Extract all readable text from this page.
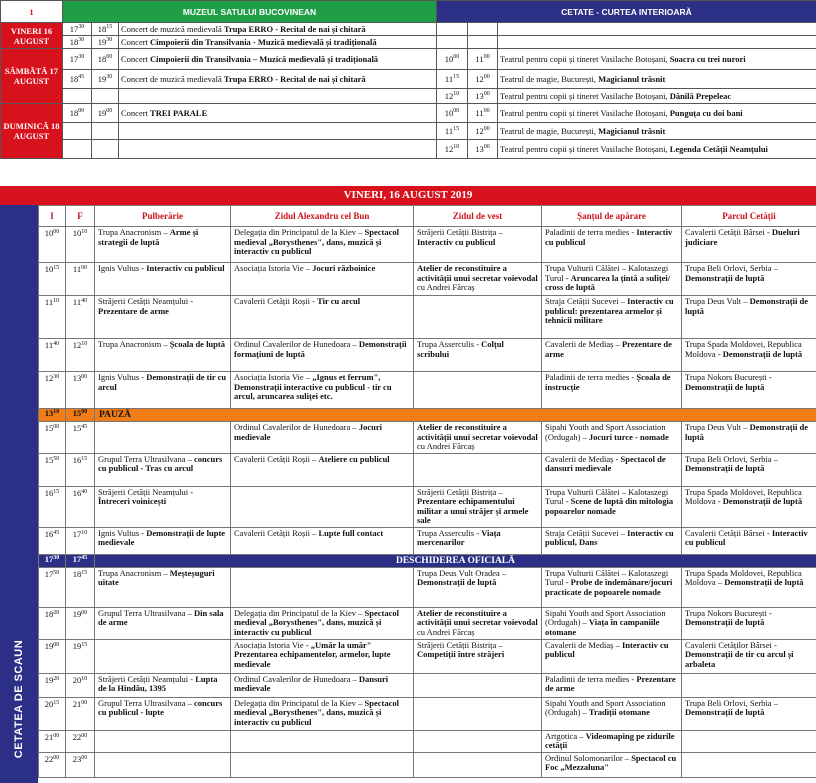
1	MUZEUL SATULUI BUCOVINEAN			CETATE - CURTEA INTERIOARĂ		
VINERI 16 AUGUST	$17^{30}$	$18^{15}$	Concert de muzică medievală Trupa ERRO - Recital de nai și chitară			
	$18^{30}$	$19^{30}$	Concert Cimpoierii din Transilvania - Muzică medievală și tradițională			
SÂMBĂTĂ 17 AUGUST	$17^{30}$	$18^{00}$	Concert Cimpoierii din Transilvania – Muzică medievală și tradițională	$10^{00}$	$11^{00}$	Teatrul pentru copii și tineret Vasilache Botoșani, Soacra cu trei nurori
	$18^{45}$	$19^{30}$	Concert de muzică medievală Trupa ERRO - Recital de nai și chitară	$11^{15}$	$12^{00}$	Teatrul de magie, București, Magicianul trăsnit
				$12^{10}$	$13^{00}$	Teatrul pentru copii și tineret Vasilache Botoșani, Dănilă Prepeleac
DUMINICĂ 18 AUGUST	$18^{00}$	$19^{00}$	Concert TREI PARALE	$10^{00}$	$11^{00}$	Teatrul pentru copii și tineret Vasilache Botoșani, Punguța cu doi bani
				$11^{15}$	$12^{00}$	Teatrul de magie, București, Magicianul trăsnit
				$12^{10}$	$13^{00}$	Teatrul pentru copii și tineret Vasilache Botoșani, Legenda Cetății Neamțului
VINERI, 16 AUGUST 2019
CETATEA DE SCAUN
I	F	Pulberărie	Zidul Alexandru cel Bun	Zidul de vest	Șanțul de apărare	Parcul Cetății
$10^{00}$	$10^{10}$	Trupa Anacronism – Arme și strategii de luptă	Delegația din Principatul de la Kiev – Spectacol medieval „Borysthenes", dans, muzică și interactiv cu publicul	Străjerii Cetății Bistrița – Interactiv cu publicul	Paladinii de terra medies - Interactiv cu publicul	Cavalerii Cetății Bârsei - Dueluri judiciare
$10^{15}$	$11^{00}$	Ignis Vultus - Interactiv cu publicul	Asociația Istoria Vie – Jocuri războinice	Atelier de reconstituire a activității unui secretar voievodal cu Andrei Fărcaș	Trupa Vulturii Călătei – Kalotaszegi Turul - Aruncarea la țintă a suliței/ cross de luptă	Trupa Beli Orlovi, Serbia – Demonstrații de luptă
$11^{10}$	$11^{40}$	Străjerii Cetății Neamțului - Prezentare de arme	Cavalerii Cetății Roșii - Tir cu arcul		Straja Cetății Sucevei – Interactiv cu publicul: prezentarea armelor și tehnicii militare	Trupa Deus Vult – Demonstrații de luptă
$11^{40}$	$12^{10}$	Trupa Anacronism – Școala de luptă	Ordinul Cavalerilor de Hunedoara – Demonstrații formațiuni de luptă	Trupa Asserculis - Colțul scribului	Cavalerii de Mediaș – Prezentare de arme	Trupa Spada Moldovei, Republica Moldova - Demonstrații de luptă
$12^{30}$	$13^{00}$	Ignis Vultus - Demonstrații de tir cu arcul	Asociația Istoria Vie – „Ignus et ferrum", Demonstrații interactive cu publicul - tir cu arcul, aruncarea suliței etc.		Paladinii de terra medies - Școala de instrucție	Trupa Nokors București - Demonstrații de luptă
$13^{10}$	$15^{00}$	PAUZĂ				
$15^{00}$	$15^{45}$		Ordinul Cavalerilor de Hunedoara – Jocuri medievale	Atelier de reconstituire a activității unui secretar voievodal cu Andrei Fărcaș	Sipahi Youth and Sport Association (Ordugah) – Jocuri turce - nomade	Trupa Deus Vult – Demonstrații de luptă
$15^{50}$	$16^{15}$	Grupul Terra Ultrasilvana – concurs cu publicul - Tras cu arcul	Cavalerii Cetății Roșii – Ateliere cu publicul		Cavalerii de Mediaș - Spectacol de dansuri medievale	Trupa Beli Orlovi, Serbia – Demonstrații de luptă
$16^{15}$	$16^{40}$	Străjerii Cetății Neamțului - Întreceri voinicești		Străjerii Cetății Bistrița – Prezentare echipamentului militar a unui străjer și armele sale	Trupa Vulturii Călătei – Kalotaszegi Turul - Scene de luptă din mitologia popoarelor nomade	Trupa Spada Moldovei, Republica Moldova - Demonstrații de luptă
$16^{45}$	$17^{10}$	Ignis Vultus - Demonstrații de lupte medievale	Cavalerii Cetății Roșii – Lupte full contact	Trupa Asserculis - Viața mercenarilor	Straja Cetății Sucevei – Interactiv cu publicul, Dans	Cavalerii Cetății Bârsei - Interactiv cu publicul
$17^{30}$	$17^{45}$	DESCHIDEREA OFICIALĂ				
$17^{50}$	$18^{15}$	Trupa Anacronism – Meșteșuguri uitate		Trupa Deus Vult Oradea – Demonstrații de luptă	Trupa Vulturii Călătei – Kalotaszegi Turul - Probe de îndemânare/jocuri practicate de popoarele nomade	Trupa Spada Moldovei, Republica Moldova – Demonstrații de luptă
$18^{20}$	$19^{00}$	Grupul Terra Ultrasilvana – Din sala de arme	Delegația din Principatul de la Kiev – Spectacol medieval „Borysthenes", dans, muzică și interactiv cu publicul	Atelier de reconstituire a activității unui secretar voievodal cu Andrei Fărcaș	Sipahi Youth and Sport Association (Ordugah) – Viața în campaniile otomane	Trupa Nokors București - Demonstrații de luptă
$19^{00}$	$19^{15}$		Asociația Istoria Vie - „Umăr la umăr" Prezentarea echipamentelor, armelor, lupte medievale	Străjerii Cetății Bistrița – Competiții între străjeri	Cavalerii de Mediaș – Interactiv cu publicul	Cavalerii Cetăților Bârsei - Demonstrații de tir cu arcul și arbaleta
$19^{20}$	$20^{10}$	Străjerii Cetății Neamțului - Lupta de la Hindău, 1395	Ordinul Cavalerilor de Hunedoara – Dansuri medievale		Paladinii de terra medies - Prezentare de arme	
$20^{15}$	$21^{00}$	Grupul Terra Ultrasilvana – concurs cu publicul - lupte	Delegația din Principatul de la Kiev – Spectacol medieval „Borysthenes", dans, muzică și interactiv cu publicul		Sipahi Youth and Sport Association (Ordugah) – Tradiții otomane	Trupa Beli Orlovi, Serbia – Demonstrații de luptă
$21^{00}$	$22^{00}$				Artgotica – Videomaping pe zidurile cetății	
$22^{00}$	$23^{00}$				Ordinul Solomonarilor – Spectacol cu Foc „Mezzaluna"	
